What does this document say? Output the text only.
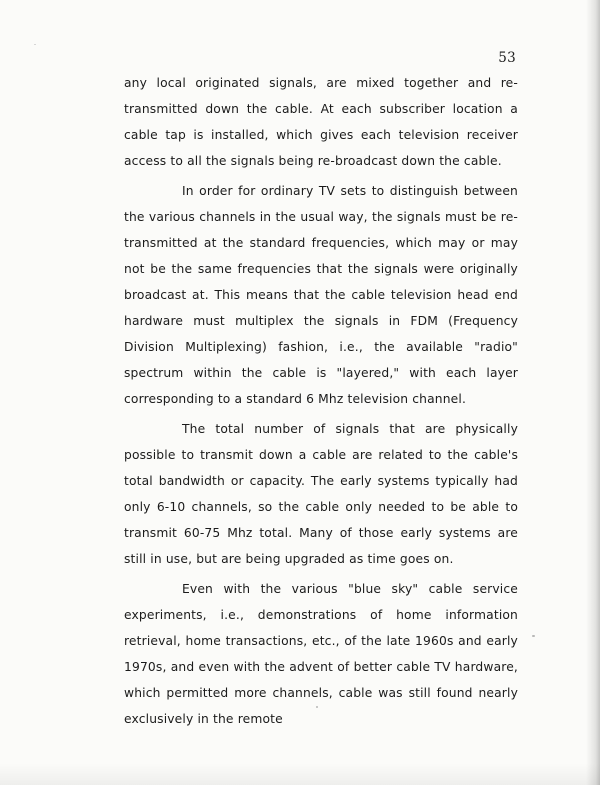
53

any local originated signals, are mixed together and re-transmitted down the cable. At each subscriber location a cable tap is installed, which gives each television receiver access to all the signals being re-broadcast down the cable.

In order for ordinary TV sets to distinguish between the various channels in the usual way, the signals must be re-transmitted at the standard frequencies, which may or may not be the same frequencies that the signals were originally broadcast at. This means that the cable television head end hardware must multiplex the signals in FDM (Frequency Division Multiplexing) fashion, i.e., the available "radio" spectrum within the cable is "layered," with each layer corresponding to a standard 6 Mhz television channel.

The total number of signals that are physically possible to transmit down a cable are related to the cable's total bandwidth or capacity. The early systems typically had only 6-10 channels, so the cable only needed to be able to transmit 60-75 Mhz total. Many of those early systems are still in use, but are being upgraded as time goes on.

Even with the various "blue sky" cable service experiments, i.e., demonstrations of home information retrieval, home transactions, etc., of the late 1960s and early 1970s, and even with the advent of better cable TV hardware, which permitted more channels, cable was still found nearly exclusively in the remote
